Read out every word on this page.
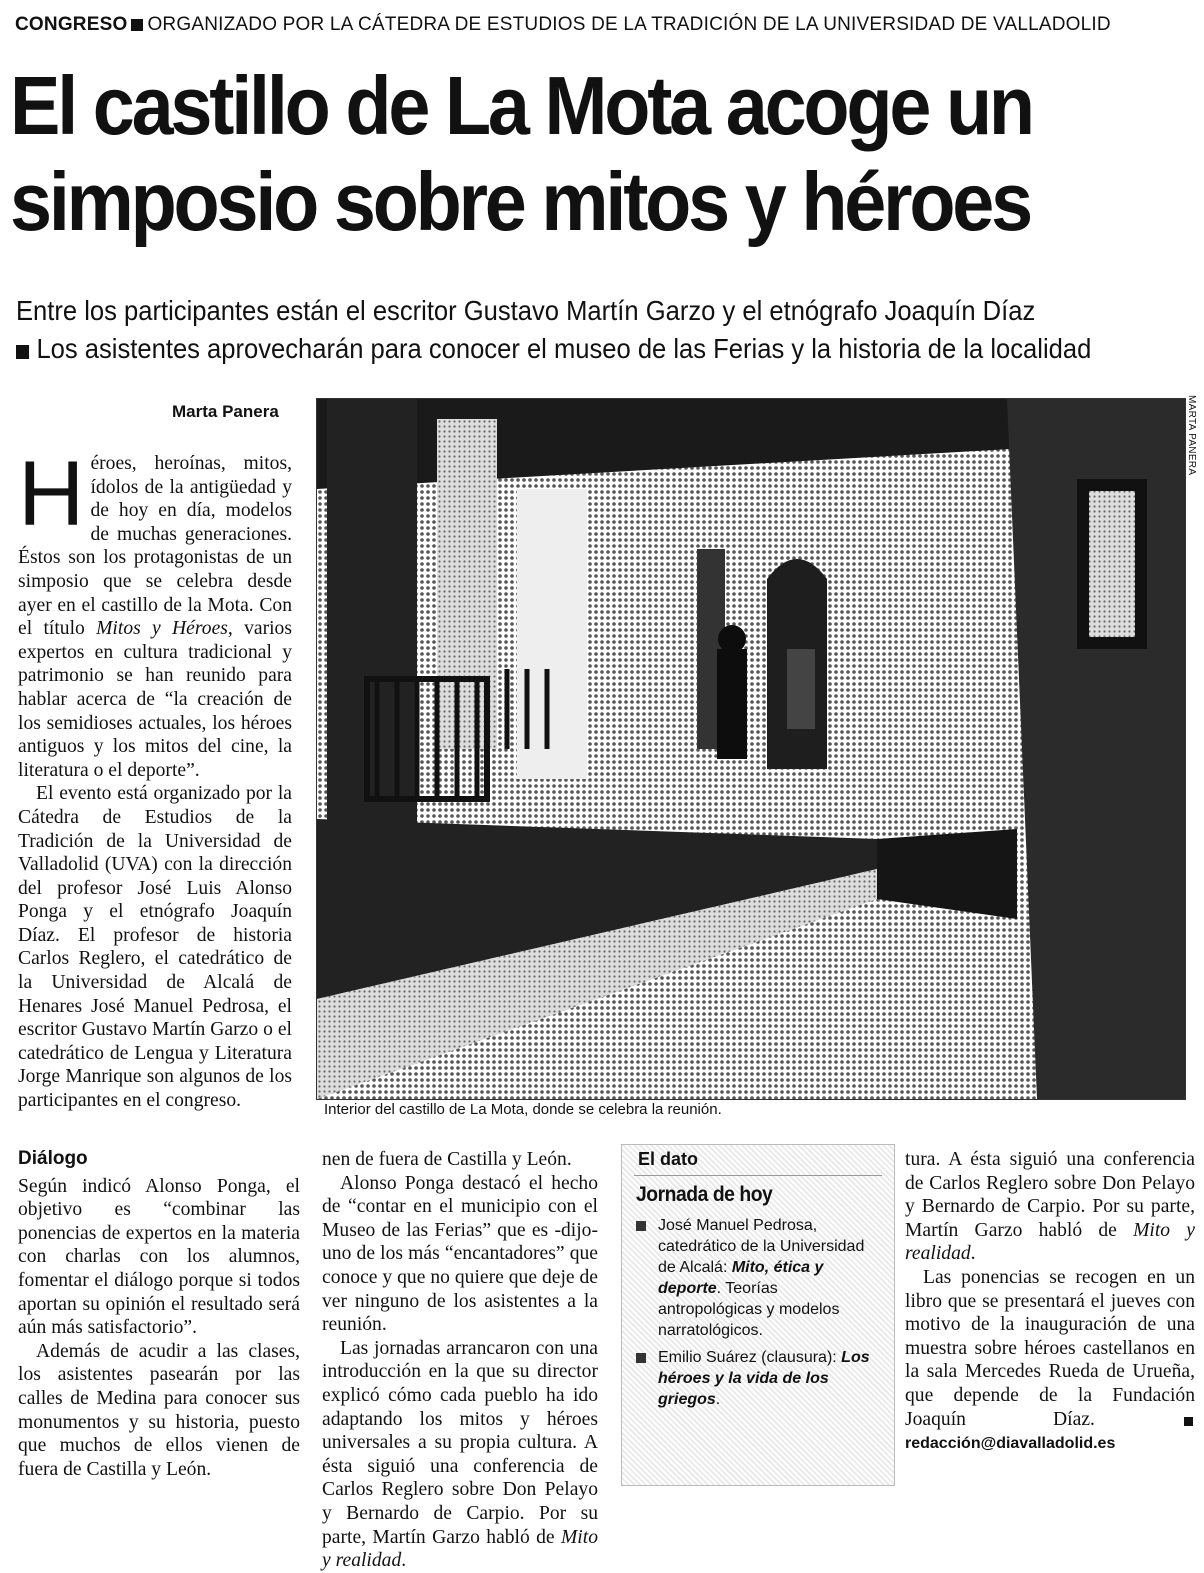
CONGRESO ORGANIZADO POR LA CÁTEDRA DE ESTUDIOS DE LA TRADICIÓN DE LA UNIVERSIDAD DE VALLADOLID
El castillo de La Mota acoge un
simposio sobre mitos y héroes
Entre los participantes están el escritor Gustavo Martín Garzo y el etnógrafo Joaquín Díaz
Los asistentes aprovecharán para conocer el museo de las Ferias y la historia de la localidad
Marta Panera	MARTA PANERA
Interior del castillo de La Mota, donde se celebra la reunión.

Héroes, heroínas, mitos, ídolos de la antigüedad y de hoy en día, modelos de muchas generaciones. Éstos son los protagonistas de un simposio que se celebra desde ayer en el castillo de la Mota. Con el título Mitos y Héroes, varios expertos en cultura tradicional y patrimonio se han reunido para hablar acerca de “la creación de los semidioses actuales, los héroes antiguos y los mitos del cine, la literatura o el deporte”.

El evento está organizado por la Cátedra de Estudios de la Tradición de la Universidad de Valladolid (UVA) con la dirección del profesor José Luis Alonso Ponga y el etnógrafo Joaquín Díaz. El profesor de historia Carlos Reglero, el catedrático de la Universidad de Alcalá de Henares José Manuel Pedrosa, el escritor Gustavo Martín Garzo o el catedrático de Lengua y Literatura Jorge Manrique son algunos de los participantes en el congreso.

Diálogo

Según indicó Alonso Ponga, el objetivo es “combinar las ponencias de expertos en la materia con charlas con los alumnos, fomentar el diálogo porque si todos aportan su opinión el resultado será aún más satisfactorio”.

Además de acudir a las clases, los asistentes pasearán por las calles de Medina para conocer sus monumentos y su historia, puesto que muchos de ellos vienen de fuera de Castilla y León.

nen de fuera de Castilla y León.

Alonso Ponga destacó el hecho de “contar en el municipio con el Museo de las Ferias” que es -dijo- uno de los más “encantadores” que conoce y que no quiere que deje de ver ninguno de los asistentes a la reunión.

Las jornadas arrancaron con una introducción en la que su director explicó cómo cada pueblo ha ido adaptando los mitos y héroes universales a su propia cultura. A ésta siguió una conferencia de Carlos Reglero sobre Don Pelayo y Bernardo de Carpio. Por su parte, Martín Garzo habló de Mito y realidad.

El dato
Jornada de hoy
José Manuel Pedrosa, catedrático de la Universidad de Alcalá: Mito, ética y deporte. Teorías antropológicas y modelos narratológicos.
Emilio Suárez (clausura): Los héroes y la vida de los griegos.

tura. A ésta siguió una conferencia de Carlos Reglero sobre Don Pelayo y Bernardo de Carpio. Por su parte, Martín Garzo habló de Mito y realidad.

Las ponencias se recogen en un libro que se presentará el jueves con motivo de la inauguración de una muestra sobre héroes castellanos en la sala Mercedes Rueda de Urueña, que depende de la Fundación Joaquín Díaz. redacción@diavalladolid.es
